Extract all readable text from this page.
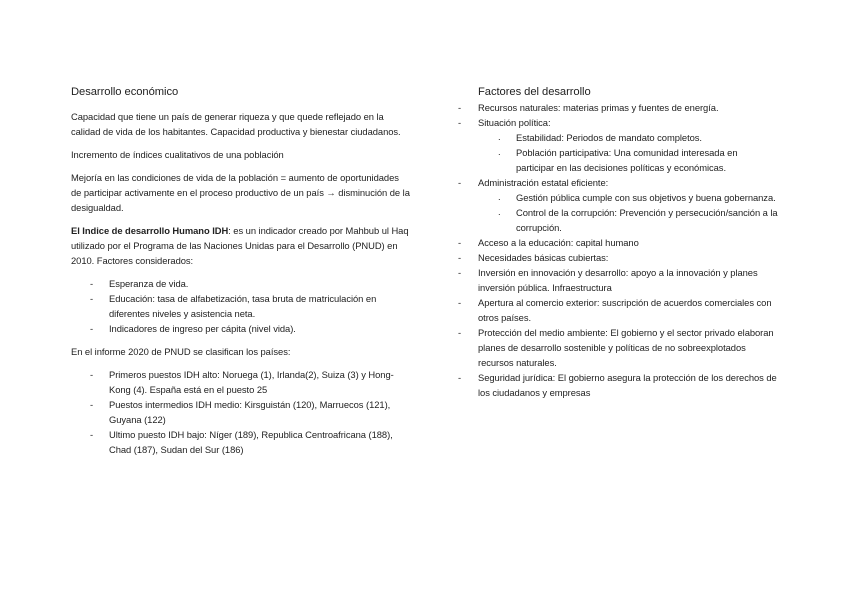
Desarrollo económico

Capacidad que tiene un país de generar riqueza y que quede reflejado en la calidad de vida de los habitantes. Capacidad productiva y bienestar ciudadanos.

Incremento de índices cualitativos de una población

Mejoría en las condiciones de vida de la población = aumento de oportunidades de participar activamente en el proceso productivo de un país → disminución de la desigualdad.

El Indice de desarrollo Humano IDH: es un indicador creado por Mahbub ul Haq utilizado por el Programa de las Naciones Unidas para el Desarrollo (PNUD) en 2010. Factores considerados:

- Esperanza de vida.
- Educación: tasa de alfabetización, tasa bruta de matriculación en diferentes niveles y asistencia neta.
- Indicadores de ingreso per cápita (nivel vida).

En el informe 2020 de PNUD se clasifican los países:

- Primeros puestos IDH alto: Noruega (1), Irlanda(2), Suiza (3) y Hong-Kong (4). España está en el puesto 25
- Puestos intermedios IDH medio: Kirsguistán (120), Marruecos (121), Guyana (122)
- Ultimo puesto IDH bajo: Níger (189), Republica Centroafricana (188), Chad (187), Sudan del Sur (186)
Factores del desarrollo
- Recursos naturales: materias primas y fuentes de energía.
- Situación política:
. Estabilidad: Periodos de mandato completos.
. Población participativa: Una comunidad interesada en participar en las decisiones políticas y económicas.
- Administración estatal eficiente:
. Gestión pública cumple con sus objetivos y buena gobernanza.
. Control de la corrupción: Prevención y persecución/sanción a la corrupción.
- Acceso a la educación: capital humano
- Necesidades básicas cubiertas:
- Inversión en innovación y desarrollo: apoyo a la innovación y planes inversión pública. Infraestructura
- Apertura al comercio exterior: suscripción de acuerdos comerciales con otros países.
- Protección del medio ambiente: El gobierno y el sector privado elaboran planes de desarrollo sostenible y políticas de no sobreexplotados recursos naturales.
- Seguridad jurídica: El gobierno asegura la protección de los derechos de los ciudadanos y empresas
